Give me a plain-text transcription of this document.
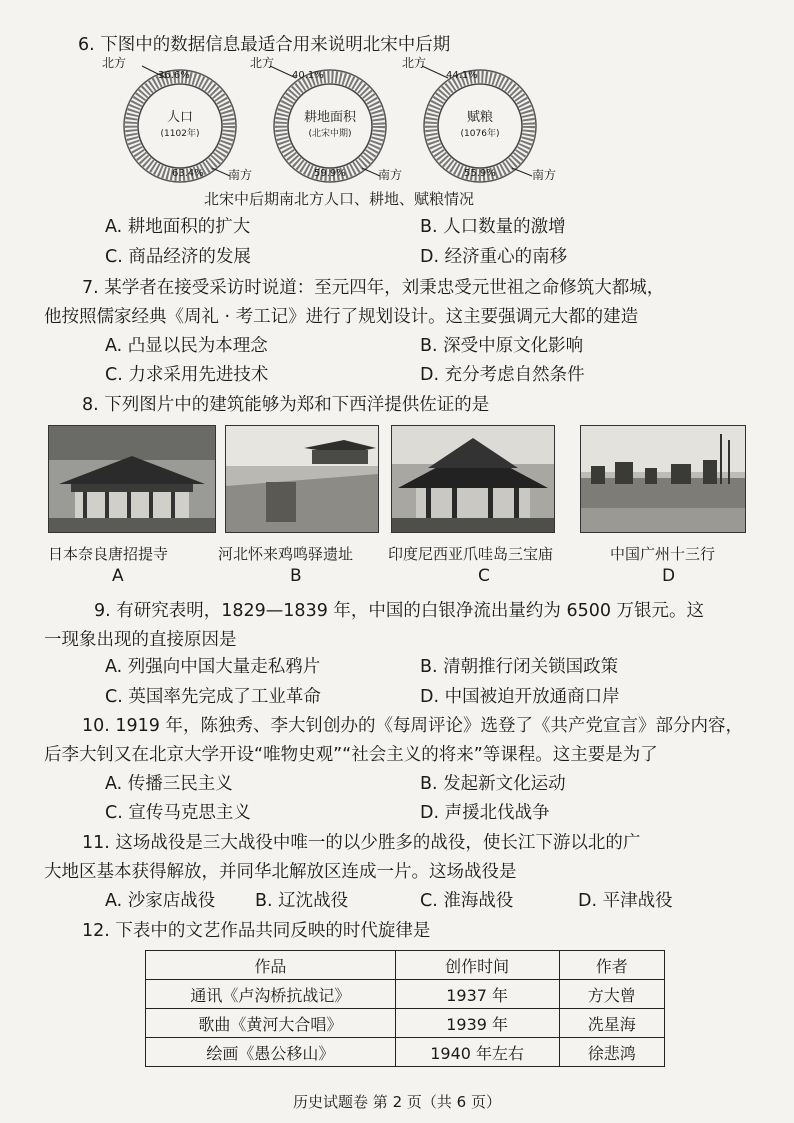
6. 下图中的数据信息最适合用来说明北宋中后期
北方
南方
36.6%
63.4%
人口
(1102年)
北方
南方
40.1%
59.9%
耕地面积
(北宋中期)
北方
南方
44.1%
55.9%
赋粮
(1076年)
北宋中后期南北方人口、耕地、赋粮情况
A. 耕地面积的扩大	B. 人口数量的激增
C. 商品经济的发展	D. 经济重心的南移
7. 某学者在接受采访时说道：至元四年，刘秉忠受元世祖之命修筑大都城，
他按照儒家经典《周礼 · 考工记》进行了规划设计。这主要强调元大都的建造
A. 凸显以民为本理念	B. 深受中原文化影响
C. 力求采用先进技术	D. 充分考虑自然条件
8. 下列图片中的建筑能够为郑和下西洋提供佐证的是
日本奈良唐招提寺	河北怀来鸡鸣驿遗址 印度尼西亚爪哇岛三宝庙	中国广州十三行
A	B	C	D
9. 有研究表明，1829—1839 年，中国的白银净流出量约为 6500 万银元。这
一现象出现的直接原因是
A. 列强向中国大量走私鸦片	B. 清朝推行闭关锁国政策
C. 英国率先完成了工业革命	D. 中国被迫开放通商口岸
10. 1919 年，陈独秀、李大钊创办的《每周评论》选登了《共产党宣言》部分内容，
后李大钊又在北京大学开设“唯物史观”“社会主义的将来”等课程。这主要是为了
A. 传播三民主义	B. 发起新文化运动
C. 宣传马克思主义	D. 声援北伐战争
11. 这场战役是三大战役中唯一的以少胜多的战役，使长江下游以北的广
大地区基本获得解放，并同华北解放区连成一片。这场战役是
A. 沙家店战役 B. 辽沈战役	C. 淮海战役	D. 平津战役
12. 下表中的文艺作品共同反映的时代旋律是
作品	创作时间	作者
通讯《卢沟桥抗战记》	1937 年	方大曾
歌曲《黄河大合唱》	1939 年	冼星海
绘画《愚公移山》	1940 年左右	徐悲鸿
历史试题卷 第 2 页（共 6 页）
